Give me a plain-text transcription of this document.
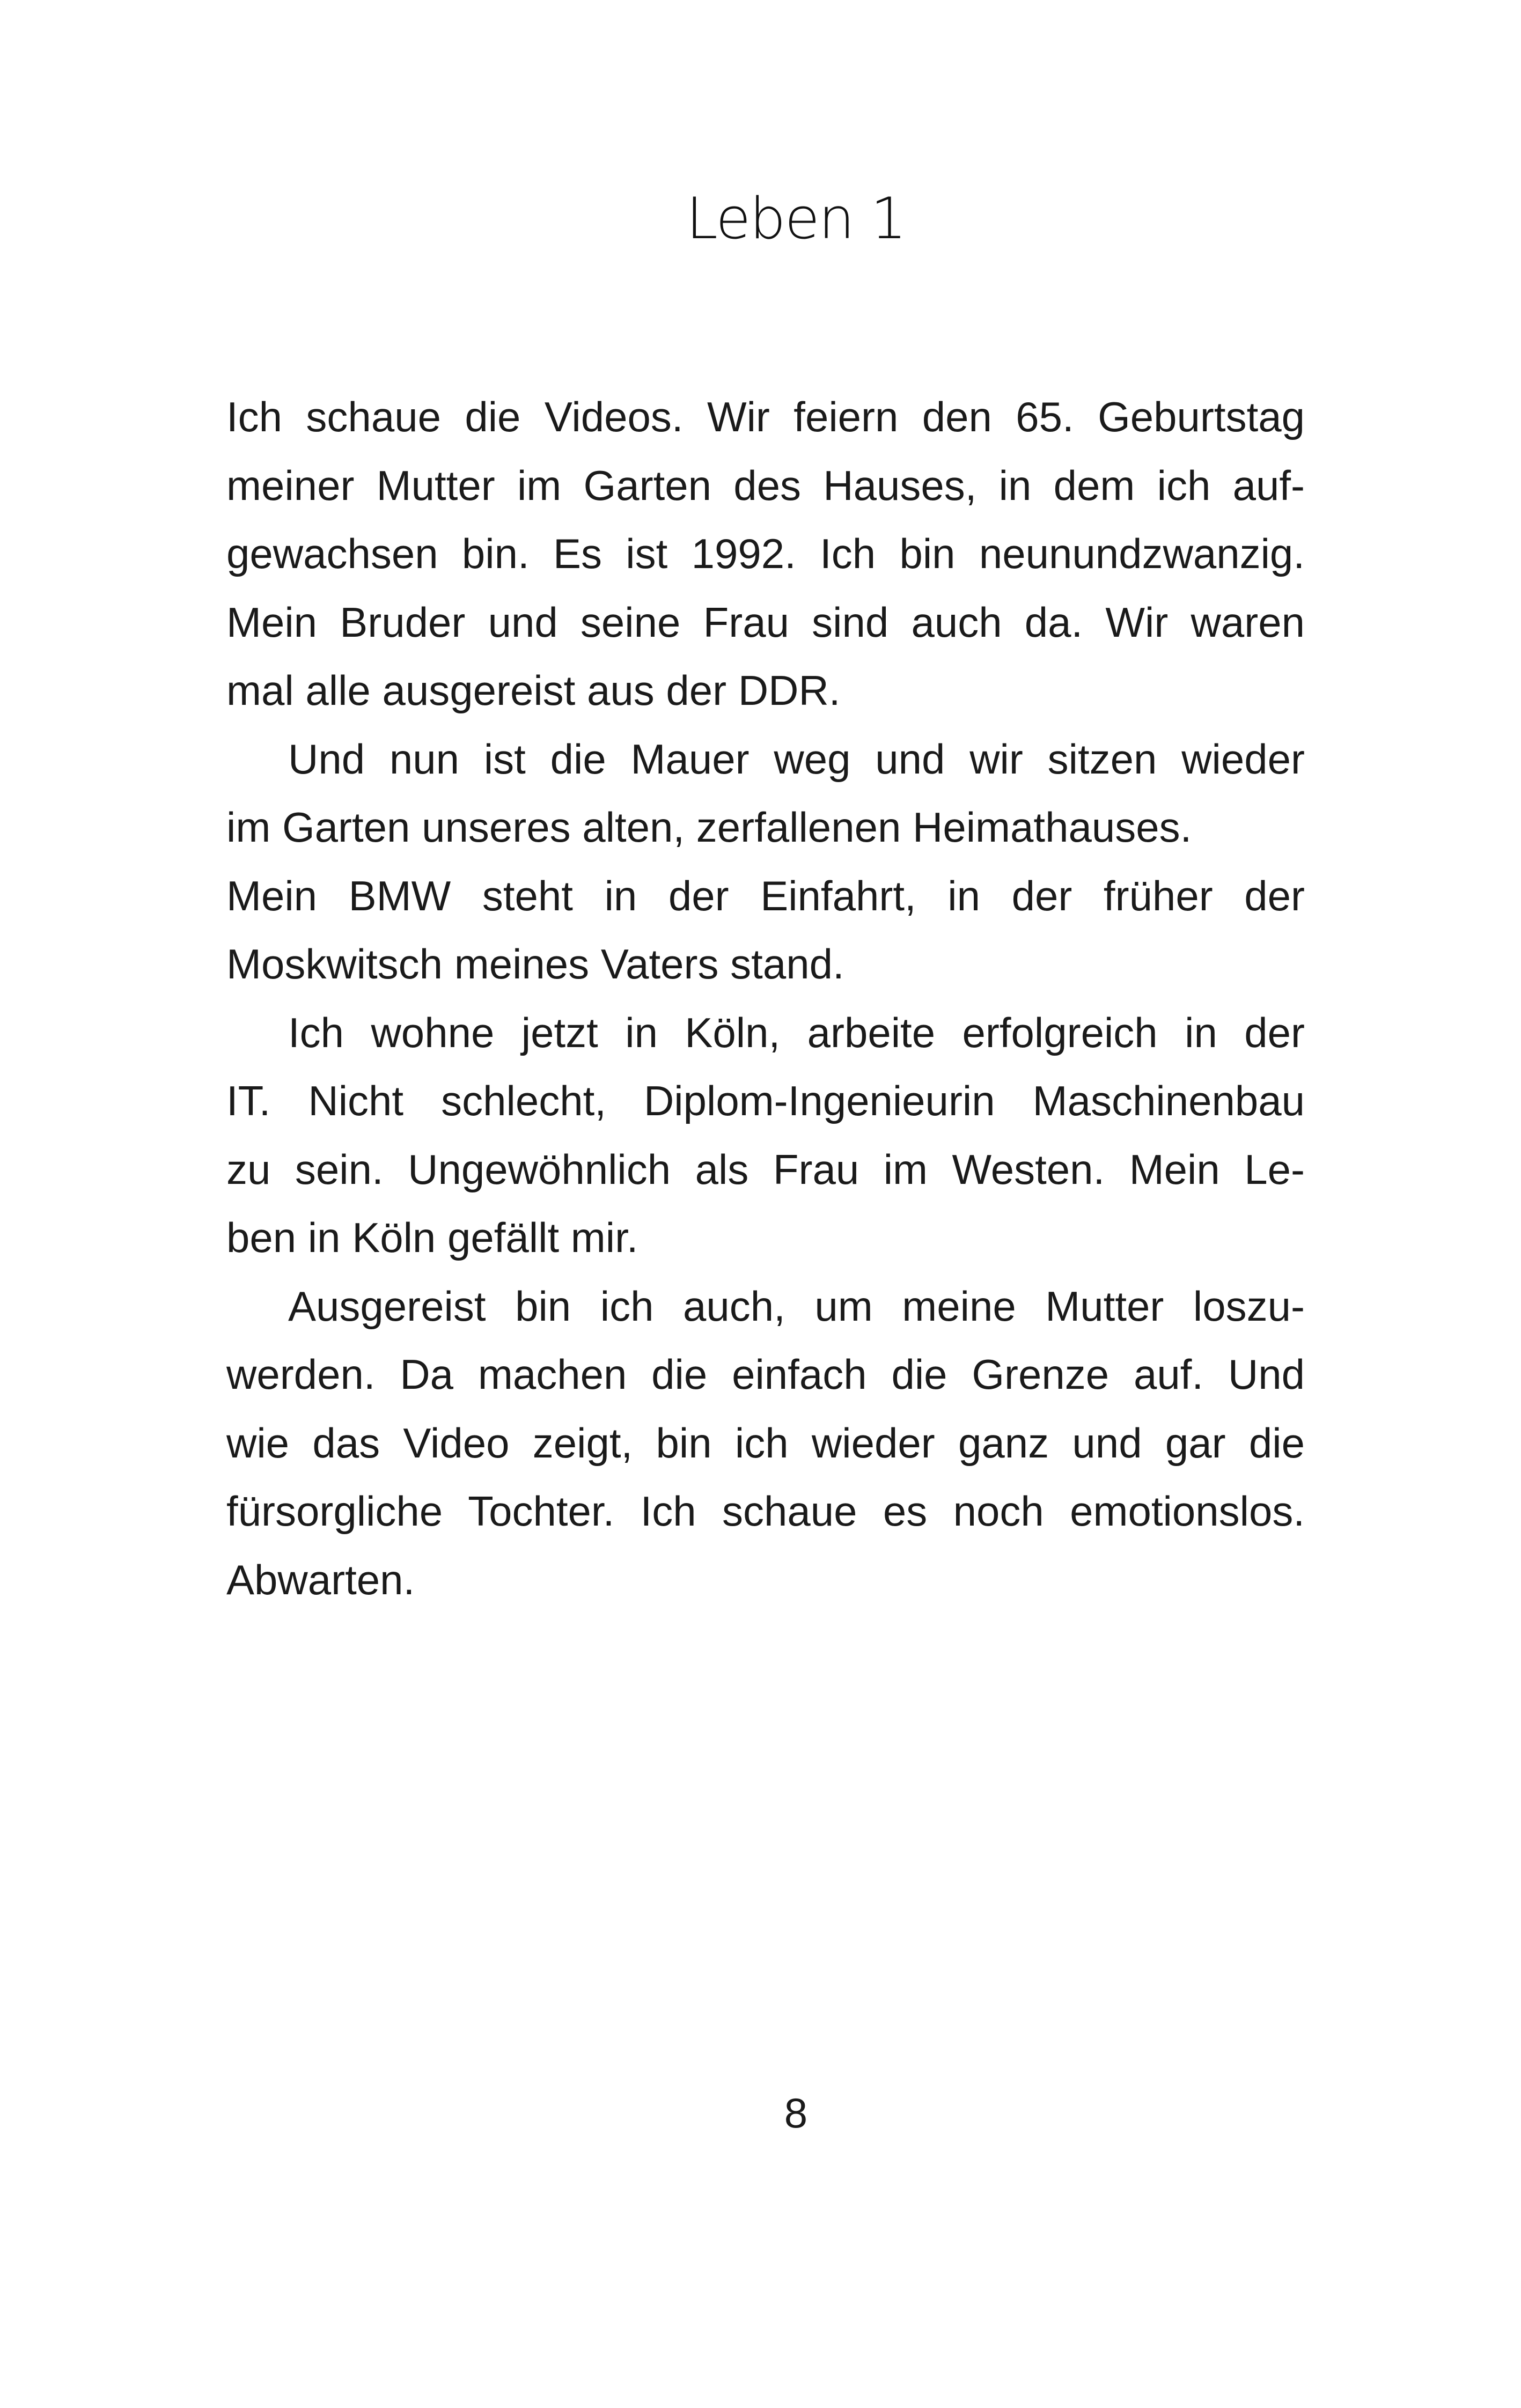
Leben 1
Ich schaue die Videos. Wir feiern den 65. Geburtstag
meiner Mutter im Garten des Hauses, in dem ich auf-
gewachsen bin. Es ist 1992. Ich bin neunundzwanzig.
Mein Bruder und seine Frau sind auch da. Wir waren
mal alle ausgereist aus der DDR.
Und nun ist die Mauer weg und wir sitzen wieder
im Garten unseres alten, zerfallenen Heimathauses.
Mein BMW steht in der Einfahrt, in der früher der
Moskwitsch meines Vaters stand.
Ich wohne jetzt in Köln, arbeite erfolgreich in der
IT. Nicht schlecht, Diplom-Ingenieurin Maschinenbau
zu sein. Ungewöhnlich als Frau im Westen. Mein Le-
ben in Köln gefällt mir.
Ausgereist bin ich auch, um meine Mutter loszu-
werden. Da machen die einfach die Grenze auf. Und
wie das Video zeigt, bin ich wieder ganz und gar die
fürsorgliche Tochter. Ich schaue es noch emotionslos.
Abwarten.
8
